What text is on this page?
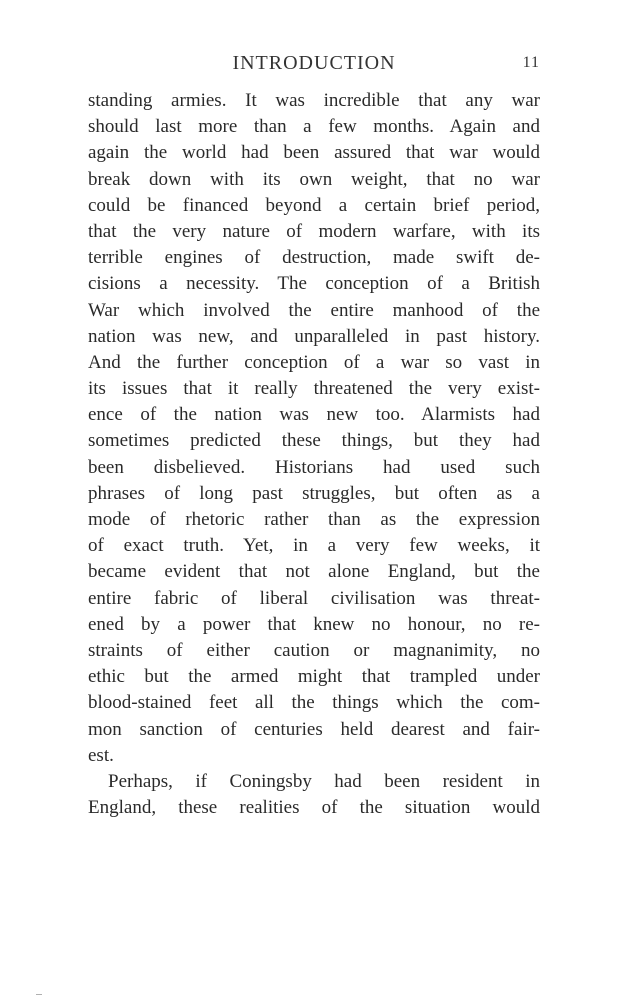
INTRODUCTION	11
standing armies. It was incredible that any war
should last more than a few months. Again and
again the world had been assured that war would
break down with its own weight, that no war
could be financed beyond a certain brief period,
that the very nature of modern warfare, with its
terrible engines of destruction, made swift de-
cisions a necessity. The conception of a British
War which involved the entire manhood of the
nation was new, and unparalleled in past history.
And the further conception of a war so vast in
its issues that it really threatened the very exist-
ence of the nation was new too. Alarmists had
sometimes predicted these things, but they had
been disbelieved. Historians had used such
phrases of long past struggles, but often as a
mode of rhetoric rather than as the expression
of exact truth. Yet, in a very few weeks, it
became evident that not alone England, but the
entire fabric of liberal civilisation was threat-
ened by a power that knew no honour, no re-
straints of either caution or magnanimity, no
ethic but the armed might that trampled under
blood-stained feet all the things which the com-
mon sanction of centuries held dearest and fair-
est.
Perhaps, if Coningsby had been resident in
England, these realities of the situation would
